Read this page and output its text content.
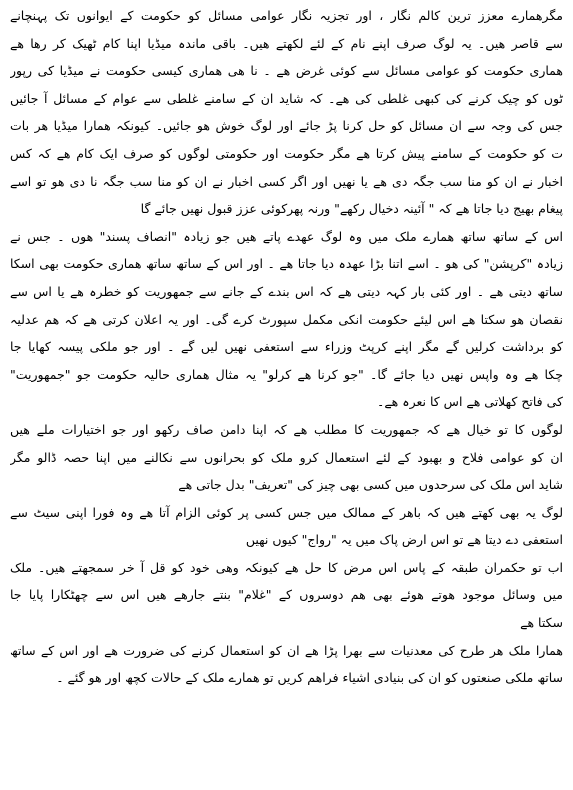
مگرھمارے معزز ترین کالم نگار ، اور تجزیہ نگار عوامی مسائل کو حکومت کے ایوانوں تک پہنچانے
سے قاصر ھیں۔ یہ لوگ صرف اپنے نام کے لئے لکھتے ھیں۔ باقی ماندہ میڈیا اپنا کام ٹھیک کر رھا ھے
ھماری حکومت کو عوامی مسائل سے کوئی غرض ھے ۔ نا ھی ھماری کیسی حکومت نے میڈیا کی رپور
ٹوں کو چیک کرنے کی کبھی غلطی کی ھے۔ کہ شاید ان کے سامنے غلطی سے عوام کے مسائل آ جائیں
جس کی وجہ سے ان مسائل کو حل کرنا پڑ جائے اور لوگ خوش ھو جائیں۔ کیونکہ ھمارا میڈیا ھر بات
ت کو حکومت کے سامنے پیش کرتا ھے مگر حکومت اور حکومتی لوگوں کو صرف ایک کام ھے کہ کس
اخبار نے ان کو منا سب جگہ دی ھے یا نھیں اور اگر کسی اخبار نے ان کو منا سب جگہ نا دی ھو تو اسے
پیغام بھیج دیا جاتا ھے کہ " آئینہ دخیال رکھے" ورنہ پھرکوئی عزز قبول نھیں جائے گا
اس کے ساتھ ساتھ ھمارے ملک میں وہ لوگ عھدے پاتے ھیں جو زیادہ "انصاف پسند" ھوں ۔ جس نے
زیادہ "کرپشن" کی ھو ۔ اسے اتنا بڑا عھدہ دیا جاتا ھے ۔ اور اس کے ساتھ ساتھ ھماری حکومت بھی اسکا
ساتھ دیتی ھے ۔ اور کئی بار کہہ دیتی ھے کہ اس بندے کے جانے سے جمھوریت کو خطرہ ھے یا اس سے
نقصان ھو سکتا ھے اس لیئے حکومت انکی مکمل سپورٹ کرے گی۔ اور یہ اعلان کرتی ھے کہ ھم عدلیہ
کو برداشت کرلیں گے مگر اپنے کرپٹ وزراء سے استعفی نھیں لیں گے ۔ اور جو ملکی پیسہ کھایا جا
چکا ھے وہ واپس نھیں دیا جائے گا۔ "جو کرنا ھے کرلو" یہ مثال ھماری حالیہ حکومت جو "جمھوریت"
کی فاتح کھلاتی ھے اس کا نعرہ ھے۔
لوگوں کا تو خیال ھے کہ جمھوریت کا مطلب ھے کہ اپنا دامن صاف رکھو اور جو اختیارات ملے ھیں
ان کو عوامی فلاح و بھبود کے لئے استعمال کرو ملک کو بحرانوں سے نکالنے میں اپنا حصہ ڈالو مگر
شاید اس ملک کی سرحدوں میں کسی بھی چیز کی "تعریف" بدل جاتی ھے
لوگ یہ بھی کھتے ھیں کہ باھر کے ممالک میں جس کسی پر کوئی الزام آتا ھے وہ فورا اپنی سیٹ سے
استعفی دے دیتا ھے تو اس ارض پاک میں یہ "رواج" کیوں نھیں
اب تو حکمران طبقہ کے پاس اس مرض کا حل ھے کیونکہ وھی خود کو قل آ خر سمجھتے ھیں۔ ملک
میں وسائل موجود ھوتے ھوئے بھی ھم دوسروں کے "غلام" بنتے جارھے ھیں اس سے چھٹکارا پایا جا
سکتا ھے
ھمارا ملک ھر طرح کی معدنیات سے بھرا پڑا ھے ان کو استعمال کرنے کی ضرورت ھے اور اس کے ساتھ
ساتھ ملکی صنعتوں کو ان کی بنیادی اشیاء فراھم کریں تو ھمارے ملک کے حالات کچھ اور ھو گئے ۔
